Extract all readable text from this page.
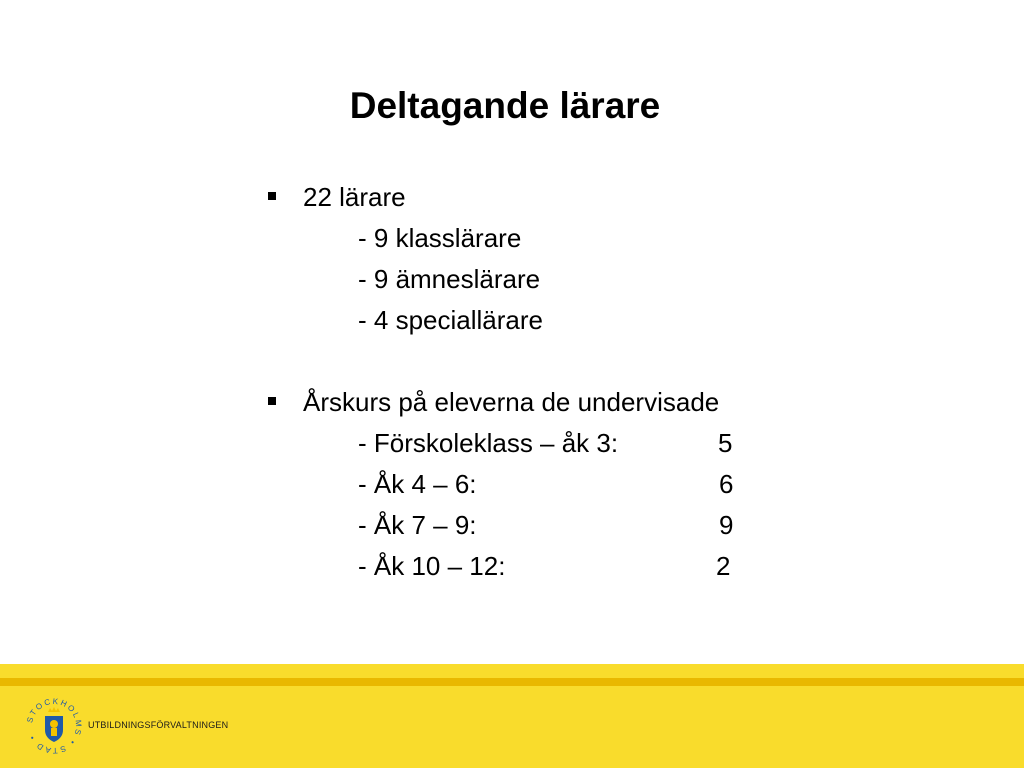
Deltagande lärare
22 lärare
- 9 klasslärare
- 9 ämneslärare
- 4 speciallärare
Årskurs på eleverna de undervisade
- Förskoleklass – åk 3:	5
- Åk 4 – 6:	6
- Åk 7 – 9:	9
- Åk 10 – 12:	2
STOCKHOLMS • STAD •
UTBILDNINGSFÖRVALTNINGEN
